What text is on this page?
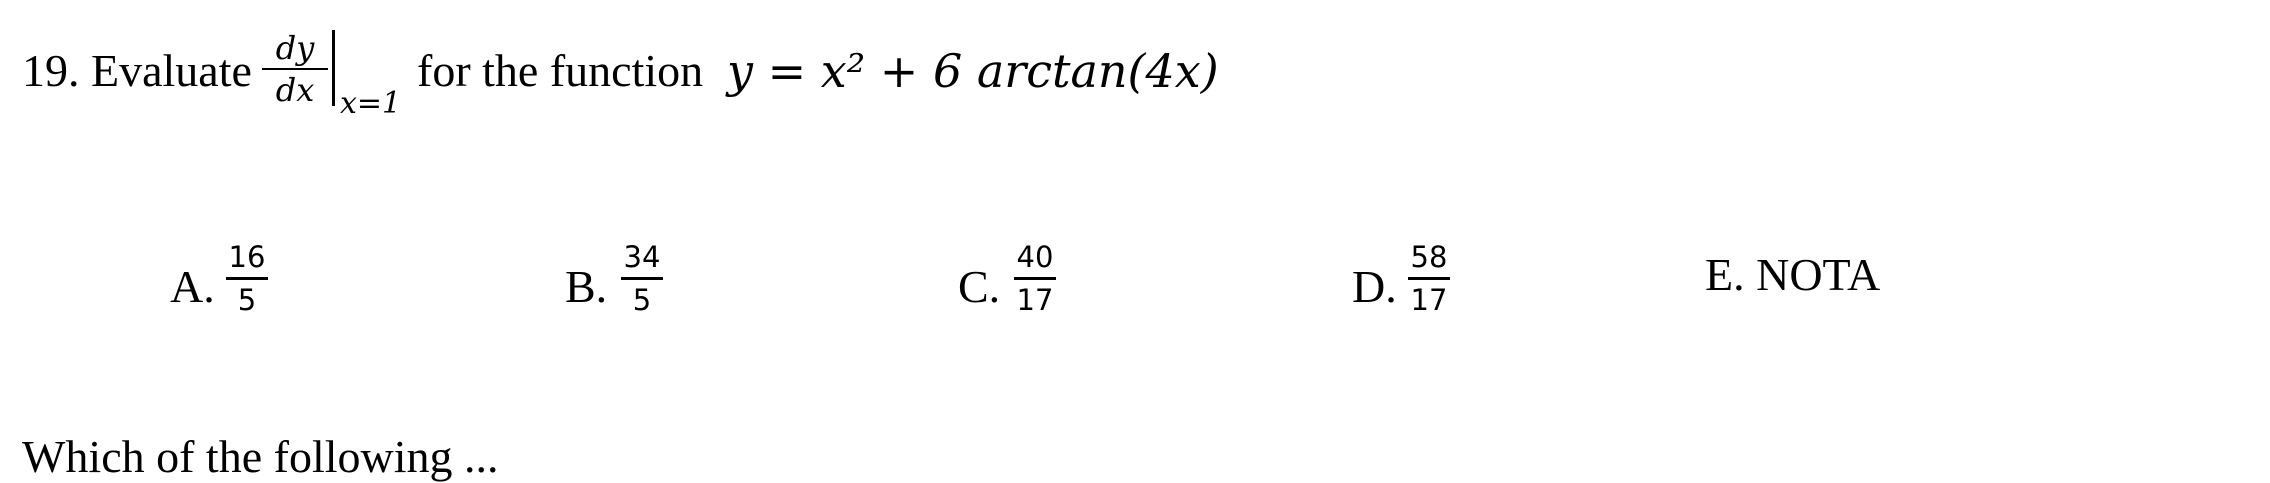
19. Evaluate dy
dx x=1
for the function y = x² + 6 arctan(4x)
A.
16
5	B.
34
5	C.
40
17	D.
58
17	E. NOTA
Which of the following ...
